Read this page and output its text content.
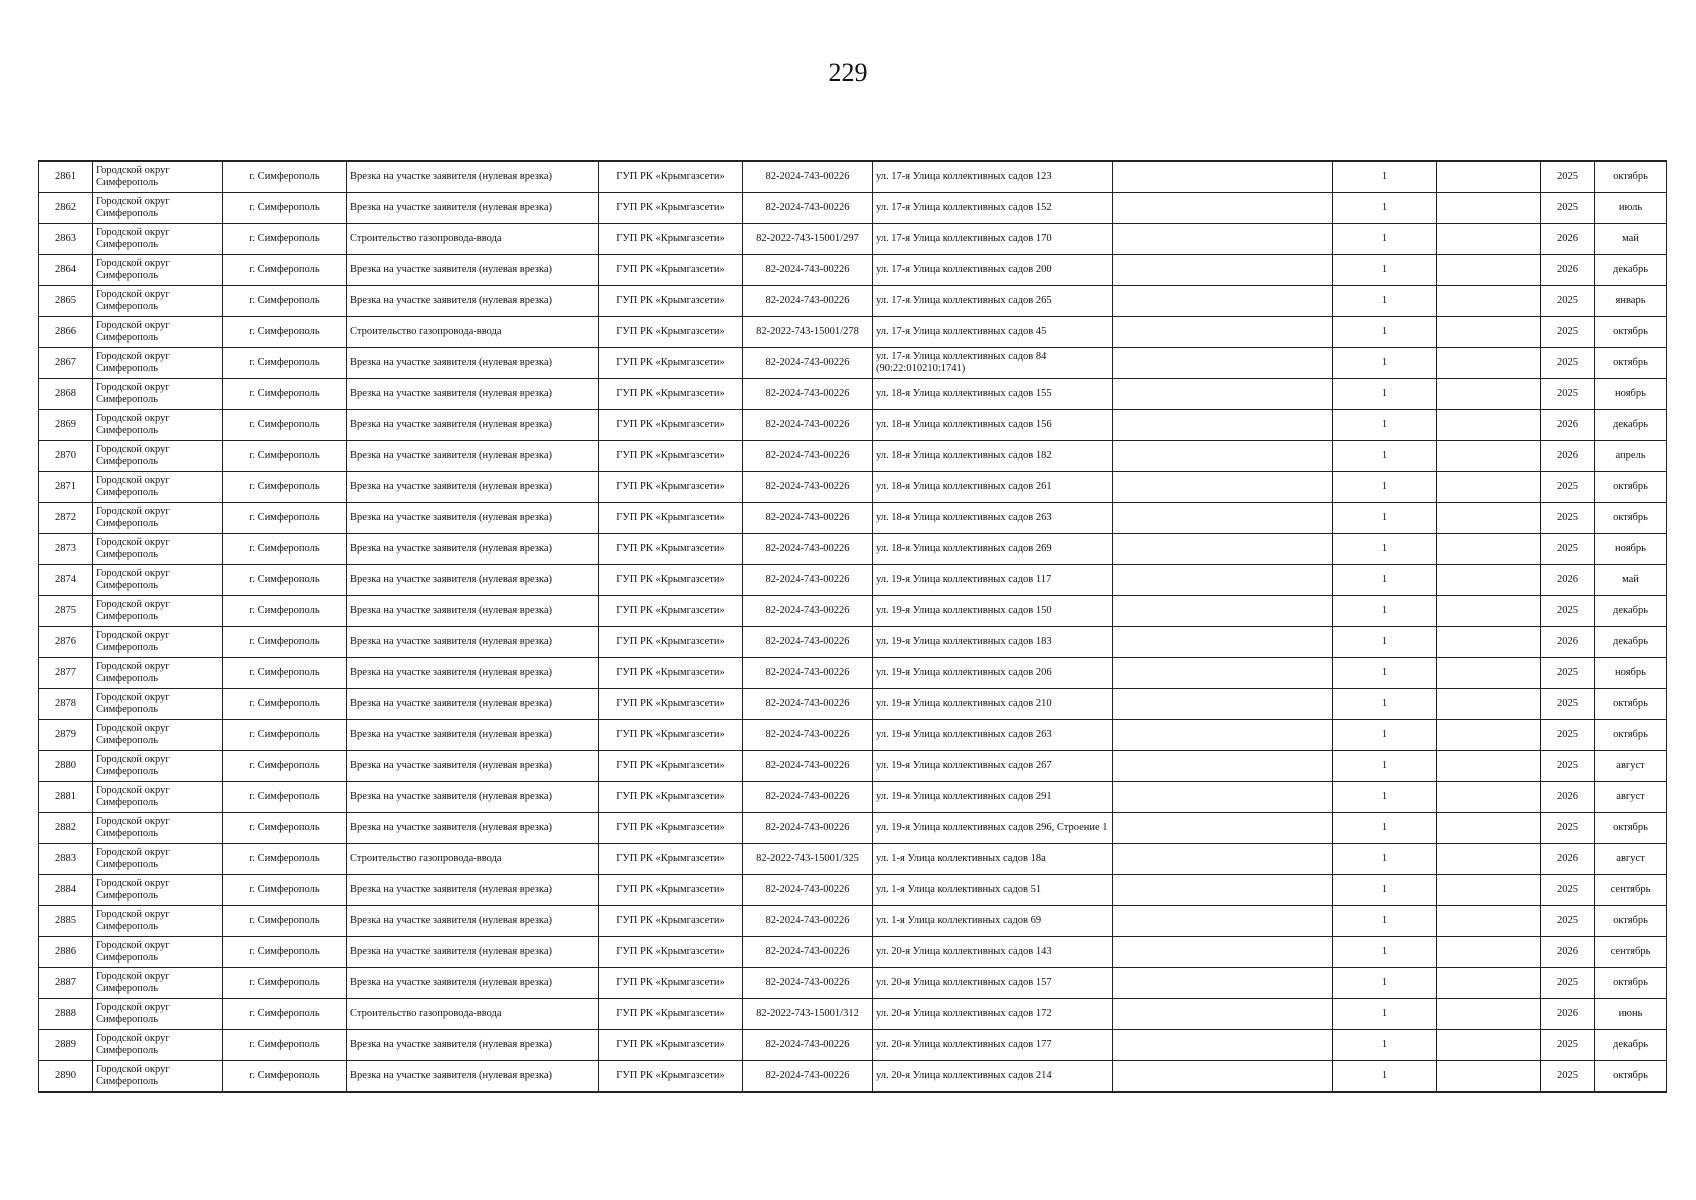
229
2861	Городской округ Симферополь	г. Симферополь	Врезка на участке заявителя (нулевая врезка)	ГУП РК «Крымгазсети»	82-2024-743-00226	ул. 17-я Улица коллективных садов 123		1		2025	октябрь
2862	Городской округ Симферополь	г. Симферополь	Врезка на участке заявителя (нулевая врезка)	ГУП РК «Крымгазсети»	82-2024-743-00226	ул. 17-я Улица коллективных садов 152		1		2025	июль
2863	Городской округ Симферополь	г. Симферополь	Строительство газопровода-ввода	ГУП РК «Крымгазсети»	82-2022-743-15001/297	ул. 17-я Улица коллективных садов 170		1		2026	май
2864	Городской округ Симферополь	г. Симферополь	Врезка на участке заявителя (нулевая врезка)	ГУП РК «Крымгазсети»	82-2024-743-00226	ул. 17-я Улица коллективных садов 200		1		2026	декабрь
2865	Городской округ Симферополь	г. Симферополь	Врезка на участке заявителя (нулевая врезка)	ГУП РК «Крымгазсети»	82-2024-743-00226	ул. 17-я Улица коллективных садов 265		1		2025	январь
2866	Городской округ Симферополь	г. Симферополь	Строительство газопровода-ввода	ГУП РК «Крымгазсети»	82-2022-743-15001/278	ул. 17-я Улица коллективных садов 45		1		2025	октябрь
2867	Городской округ Симферополь	г. Симферополь	Врезка на участке заявителя (нулевая врезка)	ГУП РК «Крымгазсети»	82-2024-743-00226	ул. 17-я Улица коллективных садов 84 (90:22:010210:1741)		1		2025	октябрь
2868	Городской округ Симферополь	г. Симферополь	Врезка на участке заявителя (нулевая врезка)	ГУП РК «Крымгазсети»	82-2024-743-00226	ул. 18-я Улица коллективных садов 155		1		2025	ноябрь
2869	Городской округ Симферополь	г. Симферополь	Врезка на участке заявителя (нулевая врезка)	ГУП РК «Крымгазсети»	82-2024-743-00226	ул. 18-я Улица коллективных садов 156		1		2026	декабрь
2870	Городской округ Симферополь	г. Симферополь	Врезка на участке заявителя (нулевая врезка)	ГУП РК «Крымгазсети»	82-2024-743-00226	ул. 18-я Улица коллективных садов 182		1		2026	апрель
2871	Городской округ Симферополь	г. Симферополь	Врезка на участке заявителя (нулевая врезка)	ГУП РК «Крымгазсети»	82-2024-743-00226	ул. 18-я Улица коллективных садов 261		1		2025	октябрь
2872	Городской округ Симферополь	г. Симферополь	Врезка на участке заявителя (нулевая врезка)	ГУП РК «Крымгазсети»	82-2024-743-00226	ул. 18-я Улица коллективных садов 263		1		2025	октябрь
2873	Городской округ Симферополь	г. Симферополь	Врезка на участке заявителя (нулевая врезка)	ГУП РК «Крымгазсети»	82-2024-743-00226	ул. 18-я Улица коллективных садов 269		1		2025	ноябрь
2874	Городской округ Симферополь	г. Симферополь	Врезка на участке заявителя (нулевая врезка)	ГУП РК «Крымгазсети»	82-2024-743-00226	ул. 19-я Улица коллективных садов 117		1		2026	май
2875	Городской округ Симферополь	г. Симферополь	Врезка на участке заявителя (нулевая врезка)	ГУП РК «Крымгазсети»	82-2024-743-00226	ул. 19-я Улица коллективных садов 150		1		2025	декабрь
2876	Городской округ Симферополь	г. Симферополь	Врезка на участке заявителя (нулевая врезка)	ГУП РК «Крымгазсети»	82-2024-743-00226	ул. 19-я Улица коллективных садов 183		1		2026	декабрь
2877	Городской округ Симферополь	г. Симферополь	Врезка на участке заявителя (нулевая врезка)	ГУП РК «Крымгазсети»	82-2024-743-00226	ул. 19-я Улица коллективных садов 206		1		2025	ноябрь
2878	Городской округ Симферополь	г. Симферополь	Врезка на участке заявителя (нулевая врезка)	ГУП РК «Крымгазсети»	82-2024-743-00226	ул. 19-я Улица коллективных садов 210		1		2025	октябрь
2879	Городской округ Симферополь	г. Симферополь	Врезка на участке заявителя (нулевая врезка)	ГУП РК «Крымгазсети»	82-2024-743-00226	ул. 19-я Улица коллективных садов 263		1		2025	октябрь
2880	Городской округ Симферополь	г. Симферополь	Врезка на участке заявителя (нулевая врезка)	ГУП РК «Крымгазсети»	82-2024-743-00226	ул. 19-я Улица коллективных садов 267		1		2025	август
2881	Городской округ Симферополь	г. Симферополь	Врезка на участке заявителя (нулевая врезка)	ГУП РК «Крымгазсети»	82-2024-743-00226	ул. 19-я Улица коллективных садов 291		1		2026	август
2882	Городской округ Симферополь	г. Симферополь	Врезка на участке заявителя (нулевая врезка)	ГУП РК «Крымгазсети»	82-2024-743-00226	ул. 19-я Улица коллективных садов 296, Строение 1		1		2025	октябрь
2883	Городской округ Симферополь	г. Симферополь	Строительство газопровода-ввода	ГУП РК «Крымгазсети»	82-2022-743-15001/325	ул. 1-я Улица коллективных садов 18а		1		2026	август
2884	Городской округ Симферополь	г. Симферополь	Врезка на участке заявителя (нулевая врезка)	ГУП РК «Крымгазсети»	82-2024-743-00226	ул. 1-я Улица коллективных садов 51		1		2025	сентябрь
2885	Городской округ Симферополь	г. Симферополь	Врезка на участке заявителя (нулевая врезка)	ГУП РК «Крымгазсети»	82-2024-743-00226	ул. 1-я Улица коллективных садов 69		1		2025	октябрь
2886	Городской округ Симферополь	г. Симферополь	Врезка на участке заявителя (нулевая врезка)	ГУП РК «Крымгазсети»	82-2024-743-00226	ул. 20-я Улица коллективных садов 143		1		2026	сентябрь
2887	Городской округ Симферополь	г. Симферополь	Врезка на участке заявителя (нулевая врезка)	ГУП РК «Крымгазсети»	82-2024-743-00226	ул. 20-я Улица коллективных садов 157		1		2025	октябрь
2888	Городской округ Симферополь	г. Симферополь	Строительство газопровода-ввода	ГУП РК «Крымгазсети»	82-2022-743-15001/312	ул. 20-я Улица коллективных садов 172		1		2026	июнь
2889	Городской округ Симферополь	г. Симферополь	Врезка на участке заявителя (нулевая врезка)	ГУП РК «Крымгазсети»	82-2024-743-00226	ул. 20-я Улица коллективных садов 177		1		2025	декабрь
2890	Городской округ Симферополь	г. Симферополь	Врезка на участке заявителя (нулевая врезка)	ГУП РК «Крымгазсети»	82-2024-743-00226	ул. 20-я Улица коллективных садов 214		1		2025	октябрь
